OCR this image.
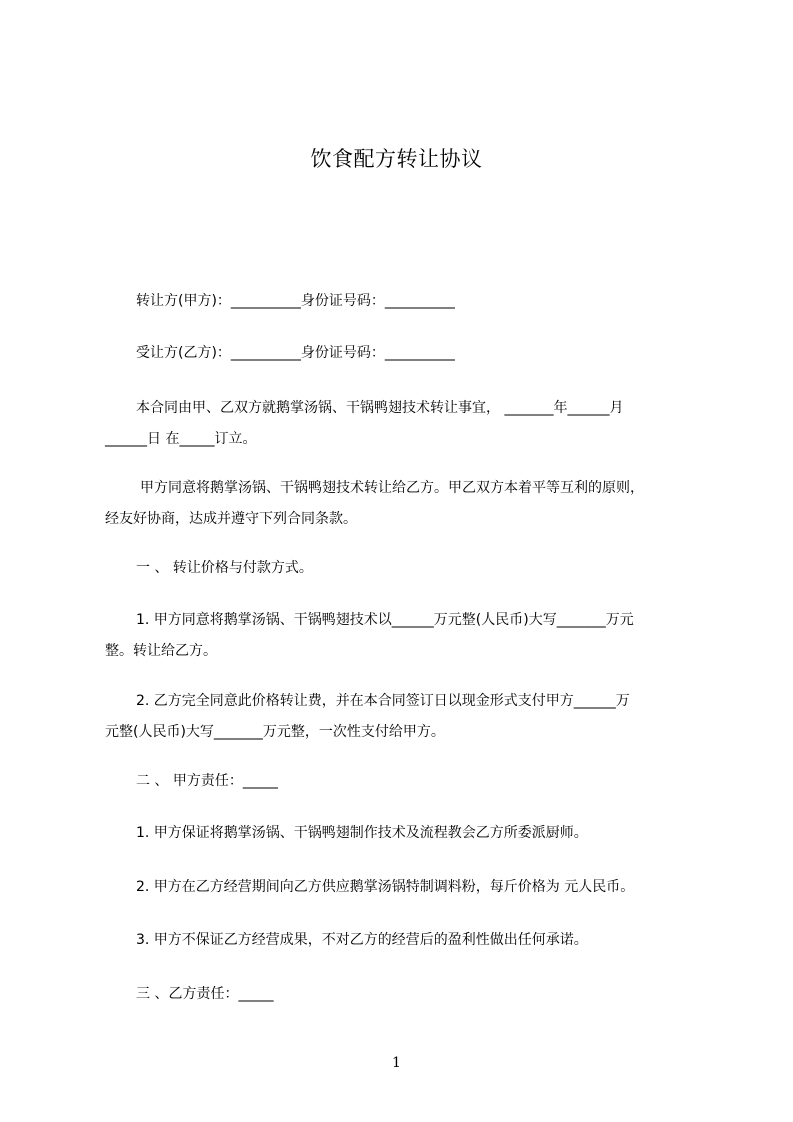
饮食配方转让协议
转让方(甲方)：__________身份证号码：__________
受让方(乙方)：__________身份证号码：__________
本合同由甲、乙双方就鹅掌汤锅、干锅鸭翅技术转让事宜， _______年______月
______日 在_____订立。
甲方同意将鹅掌汤锅、干锅鸭翅技术转让给乙方。甲乙双方本着平等互利的原则，
经友好协商，达成并遵守下列合同条款。
一 、 转让价格与付款方式。
1. 甲方同意将鹅掌汤锅、干锅鸭翅技术以______万元整(人民币)大写_______万元
整。转让给乙方。
2. 乙方完全同意此价格转让费，并在本合同签订日以现金形式支付甲方______万
元整(人民币)大写_______万元整，一次性支付给甲方。
二 、 甲方责任：_____
1. 甲方保证将鹅掌汤锅、干锅鸭翅制作技术及流程教会乙方所委派厨师。
2. 甲方在乙方经营期间向乙方供应鹅掌汤锅特制调料粉，每斤价格为 元人民币。
3. 甲方不保证乙方经营成果，不对乙方的经营后的盈利性做出任何承诺。
三 、乙方责任：_____
1
